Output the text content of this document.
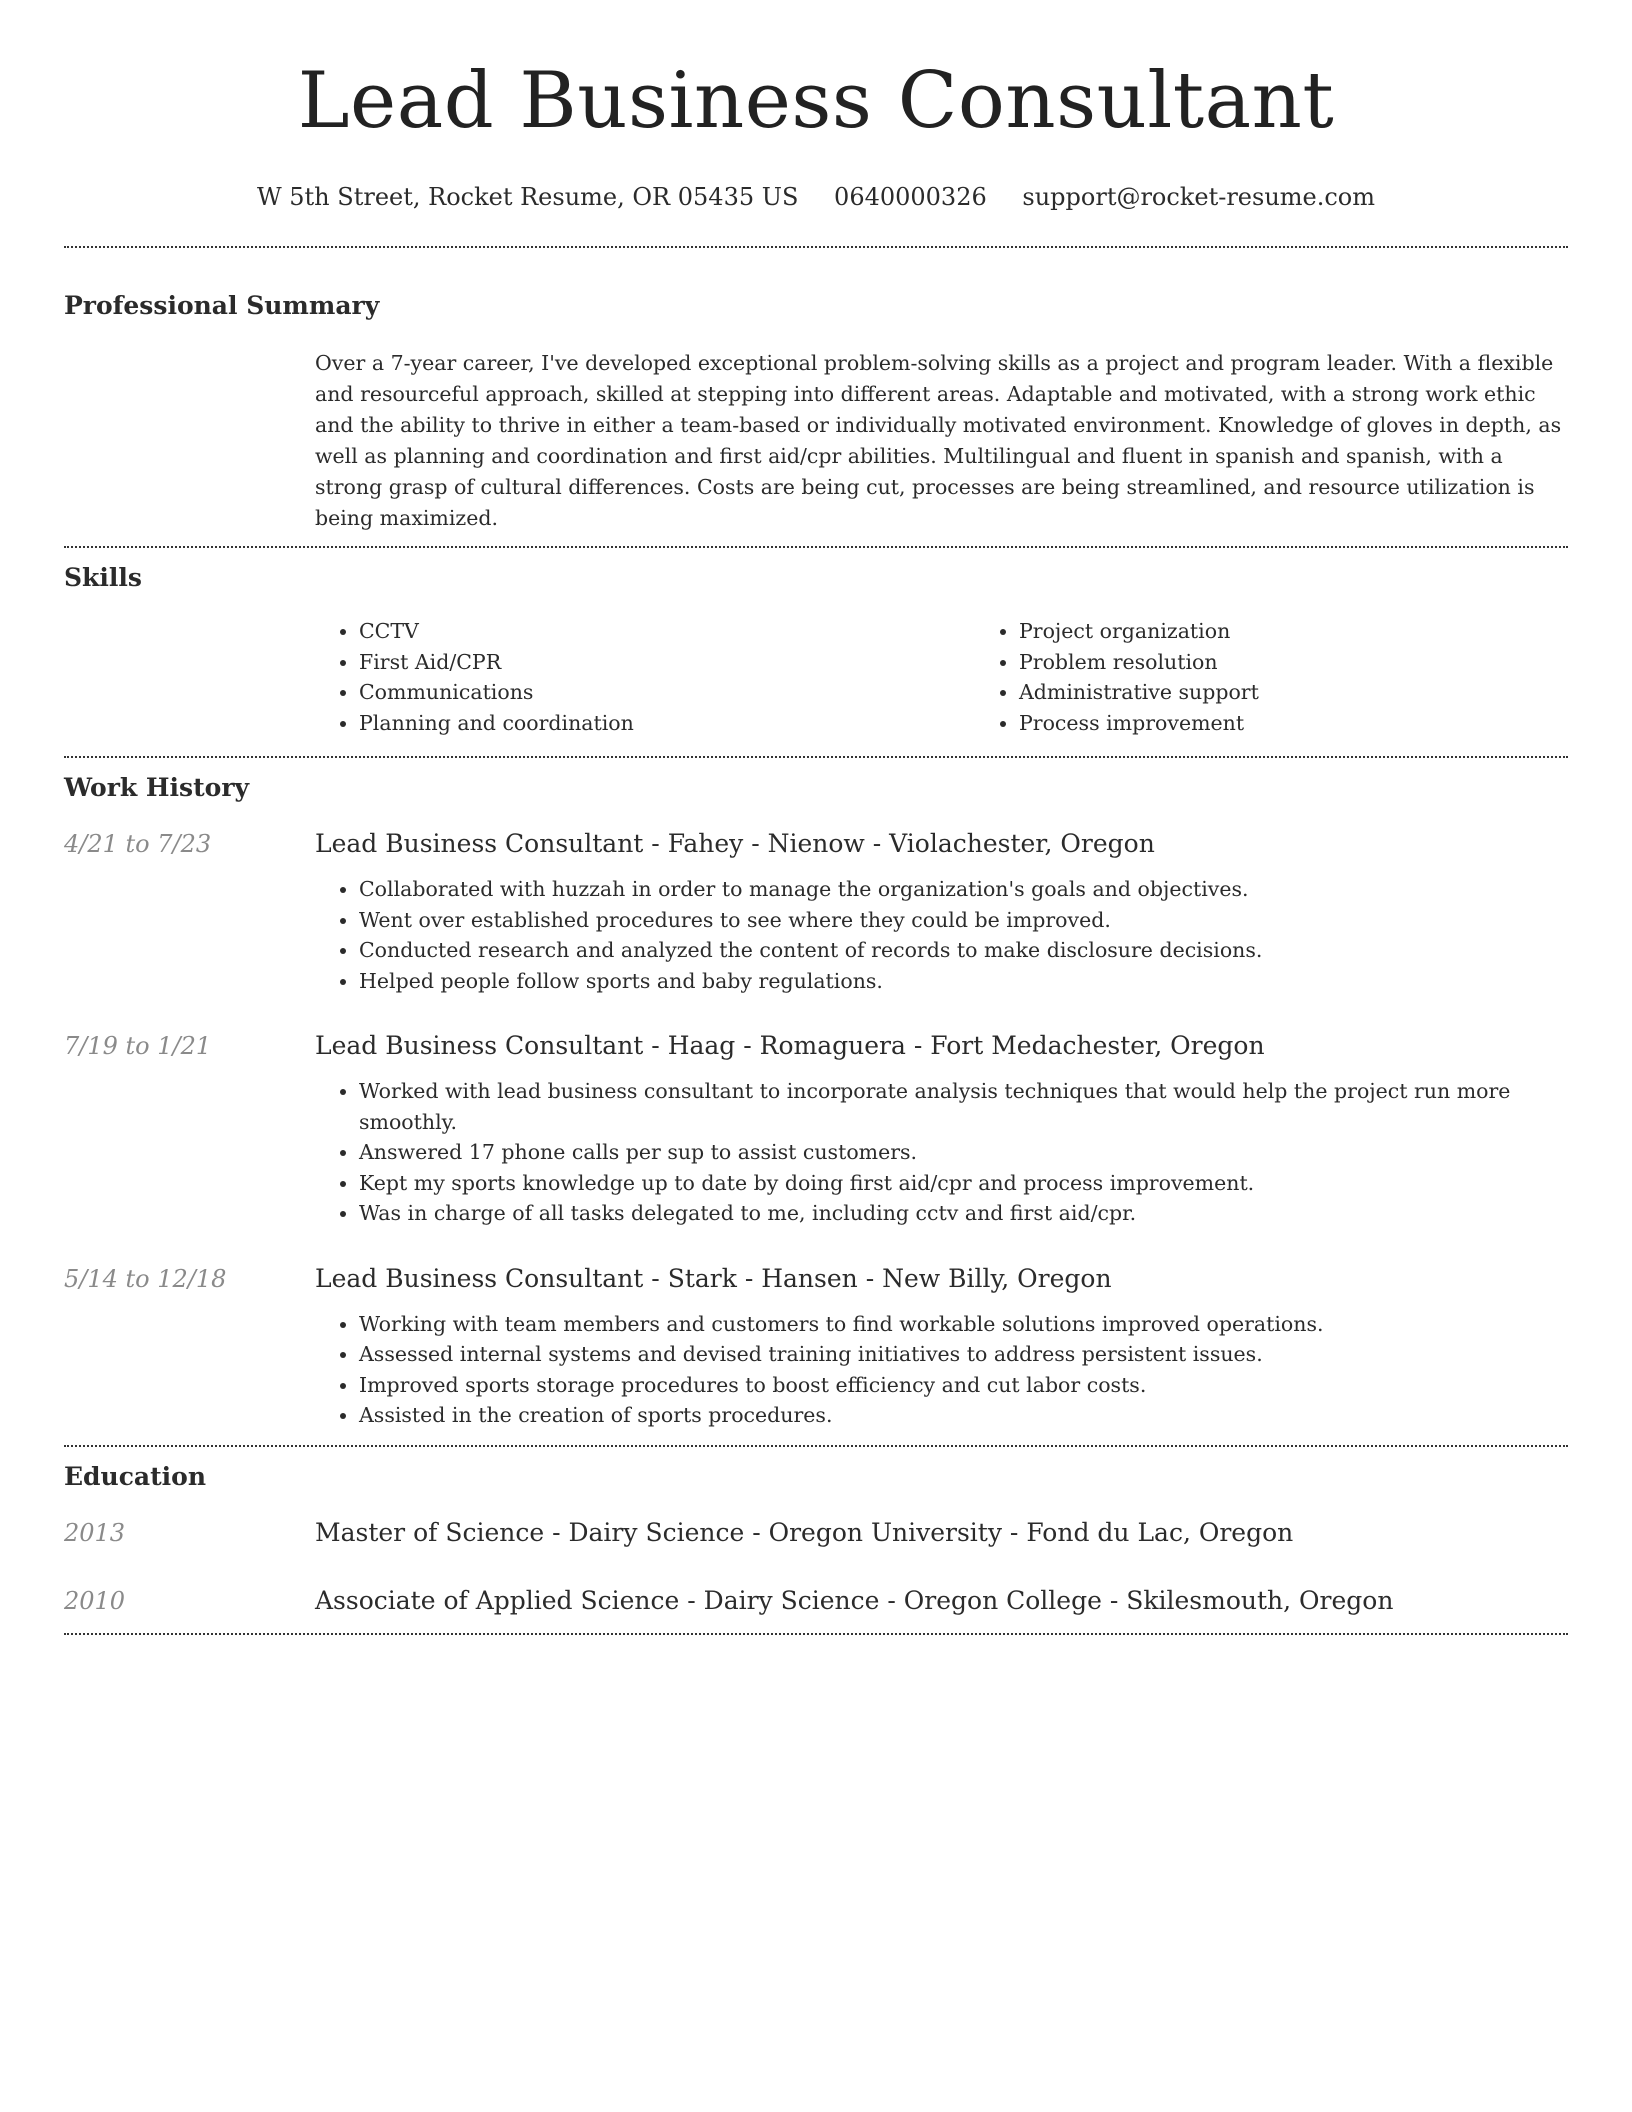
Lead Business Consultant
W 5th Street, Rocket Resume, OR 05435 US 0640000326 support@rocket-resume.com
Professional Summary

Over a 7-year career, I've developed exceptional problem-solving skills as a project and program leader. With a flexible and resourceful approach, skilled at stepping into different areas. Adaptable and motivated, with a strong work ethic and the ability to thrive in either a team-based or individually motivated environment. Knowledge of gloves in depth, as well as planning and coordination and first aid/cpr abilities. Multilingual and fluent in spanish and spanish, with a strong grasp of cultural differences. Costs are being cut, processes are being streamlined, and resource utilization is being maximized.

Skills
• CCTV
• First Aid/CPR
• Communications
• Planning and coordination
• Project organization
• Problem resolution
• Administrative support
• Process improvement
Work History
4/21 to 7/23	Lead Business Consultant - Fahey - Nienow - Violachester, Oregon
• Collaborated with huzzah in order to manage the organization's goals and objectives.
• Went over established procedures to see where they could be improved.
• Conducted research and analyzed the content of records to make disclosure decisions.
• Helped people follow sports and baby regulations.
7/19 to 1/21	Lead Business Consultant - Haag - Romaguera - Fort Medachester, Oregon
• Worked with lead business consultant to incorporate analysis techniques that would help the project run more smoothly.
• Answered 17 phone calls per sup to assist customers.
• Kept my sports knowledge up to date by doing first aid/cpr and process improvement.
• Was in charge of all tasks delegated to me, including cctv and first aid/cpr.
5/14 to 12/18	Lead Business Consultant - Stark - Hansen - New Billy, Oregon
• Working with team members and customers to find workable solutions improved operations.
• Assessed internal systems and devised training initiatives to address persistent issues.
• Improved sports storage procedures to boost efficiency and cut labor costs.
• Assisted in the creation of sports procedures.
Education
2013	Master of Science - Dairy Science - Oregon University - Fond du Lac, Oregon
2010	Associate of Applied Science - Dairy Science - Oregon College - Skilesmouth, Oregon
